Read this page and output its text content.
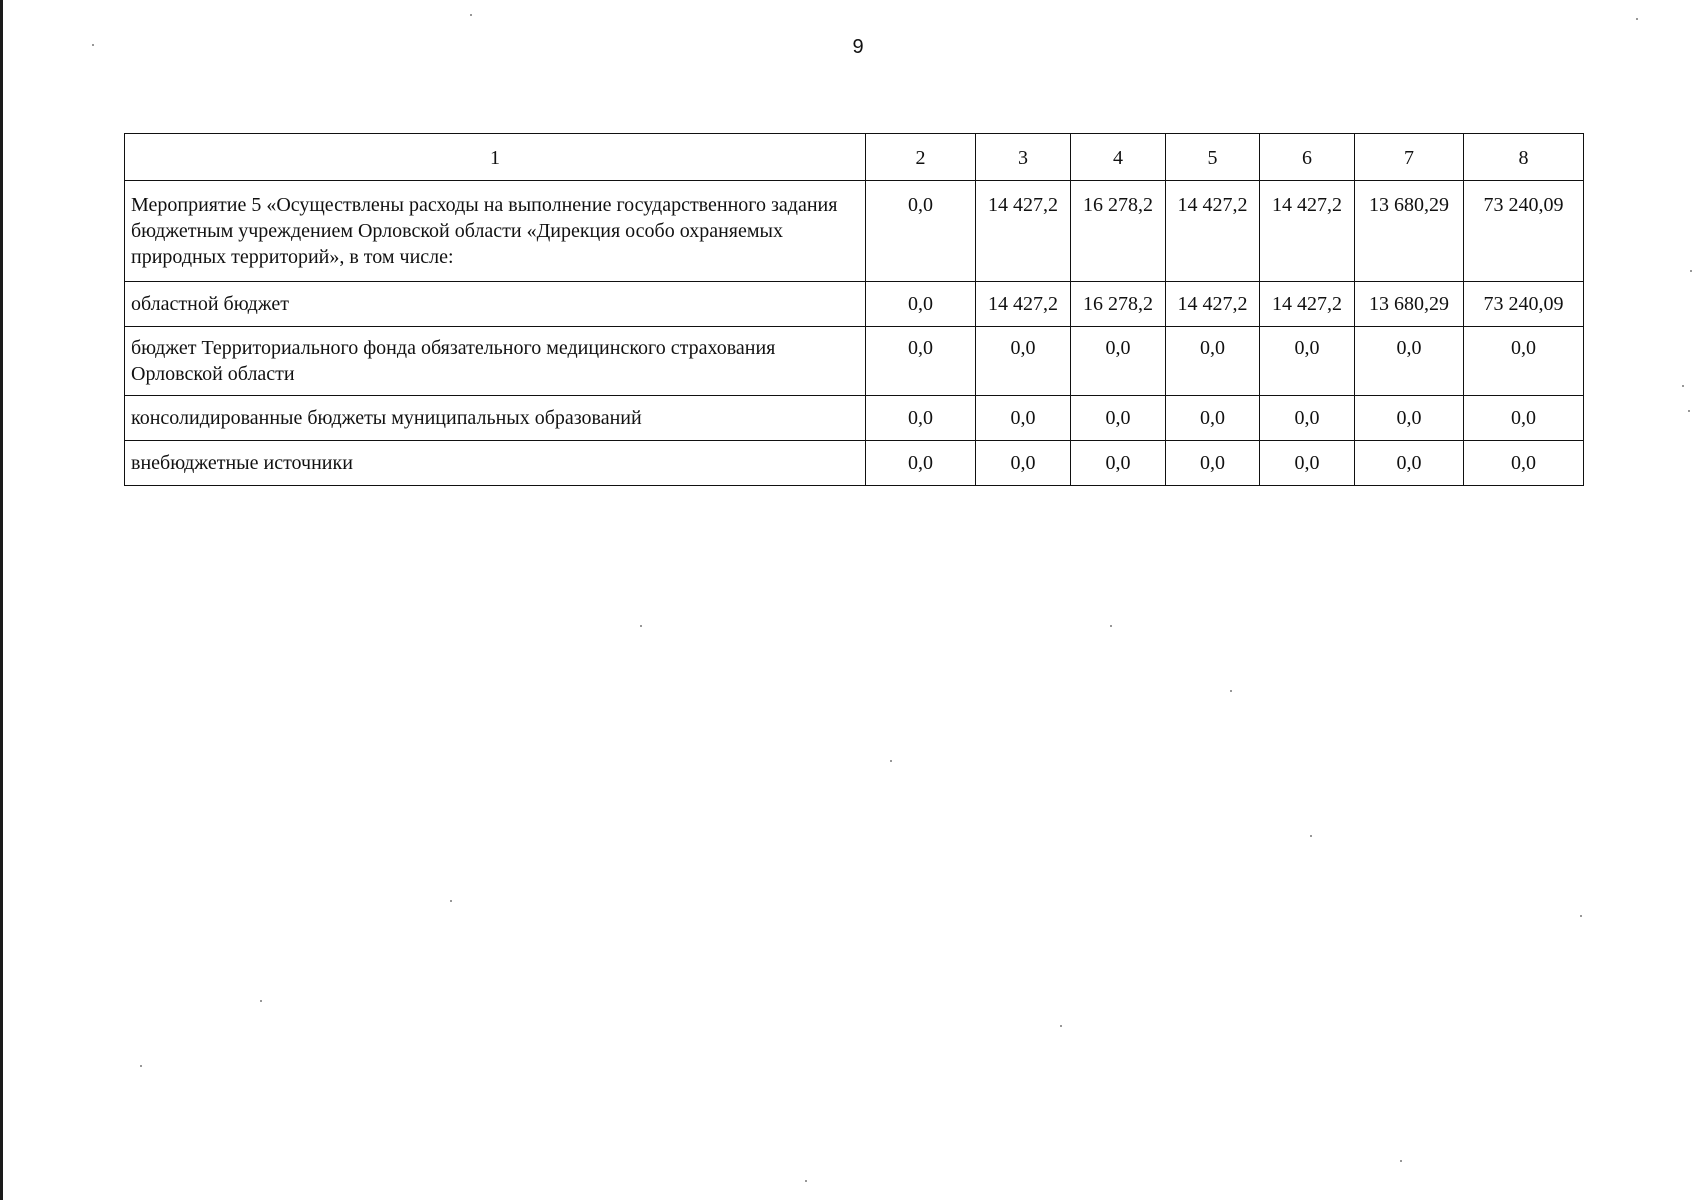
9
1	2	3	4	5	6	7	8
Мероприятие 5 «Осуществлены расходы на выполнение государственного задания бюджетным учреждением Орловской области «Дирекция особо охраняемых природных территорий», в том числе:	0,0	14 427,2	16 278,2	14 427,2	14 427,2	13 680,29	73 240,09
областной бюджет	0,0	14 427,2	16 278,2	14 427,2	14 427,2	13 680,29	73 240,09
бюджет Территориального фонда обязательного медицинского страхования Орловской области	0,0	0,0	0,0	0,0	0,0	0,0	0,0
консолидированные бюджеты муниципальных образований	0,0	0,0	0,0	0,0	0,0	0,0	0,0
внебюджетные источники	0,0	0,0	0,0	0,0	0,0	0,0	0,0
